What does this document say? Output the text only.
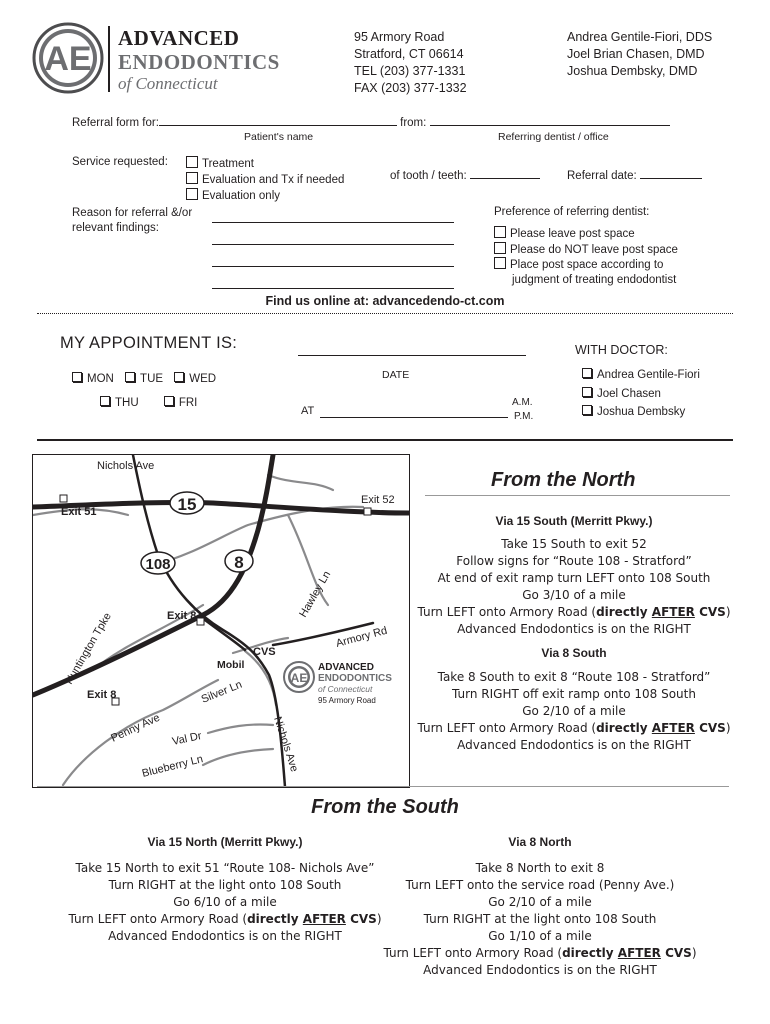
AE
ADVANCED
ENDODONTICS
of Connecticut
95 Armory Road
Stratford, CT 06614
TEL (203) 377-1331
FAX (203) 377-1332
Andrea Gentile-Fiori, DDS
Joel Brian Chasen, DMD
Joshua Dembsky, DMD
Referral form for:	from:
Patient's name	Referring dentist / office
Service requested:	Treatment
Evaluation and Tx if needed
Evaluation only
of tooth / teeth:	Referral date:
Reason for referral &/or
relevant findings:
Preference of referring dentist:
Please leave post space
Please do NOT leave post space
Place post space according to
judgment of treating endodontist
Find us online at: advancedendo-ct.com
MY APPOINTMENT IS:
DATE
MON TUE WED
THU	FRI
AT
A.M.
P.M.
WITH DOCTOR:
Andrea Gentile-Fiori
Joel Chasen
Joshua Dembsky
15
108	8
Nichols Ave
Exit 52
Exit 51
Hawley Ln
Huntington Tpke	Exit 8
Exit 8
Armory Rd
CVS
Mobil
Silver Ln
Penny Ave Val Dr
Blueberry Ln	Nichols Ave
AE
ADVANCED
ENDODONTICS
of Connecticut
95 Armory Road
From the North
Via 15 South (Merritt Pkwy.)
Take 15 South to exit 52
Follow signs for “Route 108 - Stratford”
At end of exit ramp turn LEFT onto 108 South
Go 3/10 of a mile
Turn LEFT onto Armory Road (directly AFTER CVS)
Advanced Endodontics is on the RIGHT
Via 8 South
Take 8 South to exit 8 “Route 108 - Stratford”
Turn RIGHT off exit ramp onto 108 South
Go 2/10 of a mile
Turn LEFT onto Armory Road (directly AFTER CVS)
Advanced Endodontics is on the RIGHT
From the South
Via 15 North (Merritt Pkwy.)
Take 15 North to exit 51 “Route 108- Nichols Ave”
Turn RIGHT at the light onto 108 South
Go 6/10 of a mile
Turn LEFT onto Armory Road (directly AFTER CVS)
Advanced Endodontics is on the RIGHT
Via 8 North
Take 8 North to exit 8
Turn LEFT onto the service road (Penny Ave.)
Go 2/10 of a mile
Turn RIGHT at the light onto 108 South
Go 1/10 of a mile
Turn LEFT onto Armory Road (directly AFTER CVS)
Advanced Endodontics is on the RIGHT
